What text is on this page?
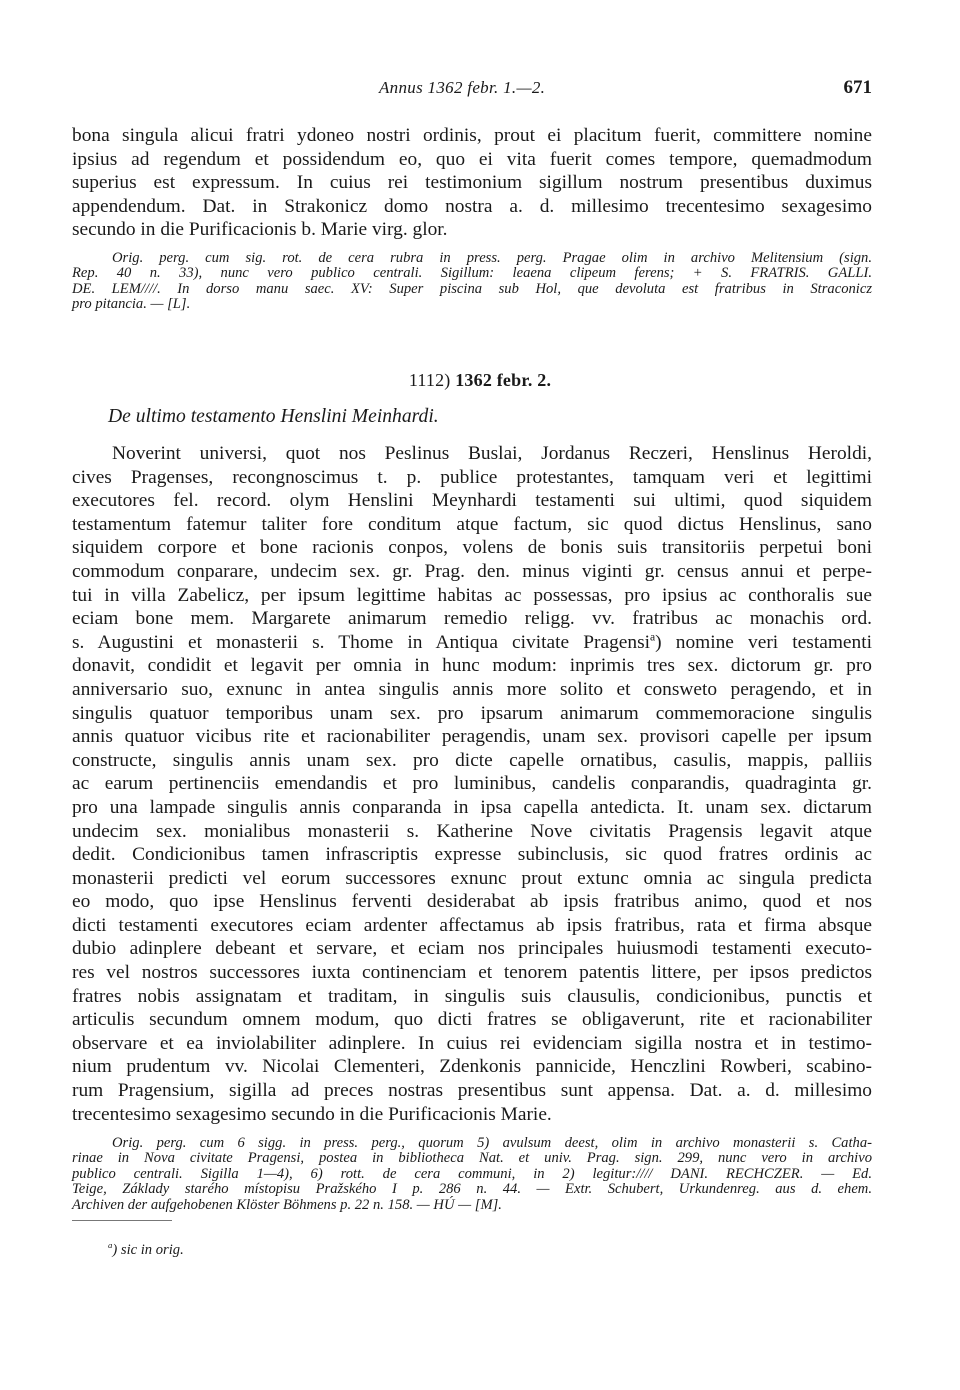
Annus 1362 febr. 1.—2.	671
bona singula alicui fratri ydoneo nostri ordinis, prout ei placitum fuerit, committere nomine
ipsius ad regendum et possidendum eo, quo ei vita fuerit comes tempore, quemadmodum
superius est expressum. In cuius rei testimonium sigillum nostrum presentibus duximus
appendendum. Dat. in Strakonicz domo nostra a. d. millesimo trecentesimo sexagesimo
secundo in die Purificacionis b. Marie virg. glor.
Orig. perg. cum sig. rot. de cera rubra in press. perg. Pragae olim in archivo Melitensium (sign.
Rep. 40 n. 33), nunc vero publico centrali. Sigillum: leaena clipeum ferens; + S. FRATRIS. GALLI.
DE. LEM////. In dorso manu saec. XV: Super piscina sub Hol, que devoluta est fratribus in Straconicz
pro pitancia. — [L].
1112) 1362 febr. 2.
De ultimo testamento Henslini Meinhardi.
Noverint universi, quot nos Peslinus Buslai, Jordanus Reczeri, Henslinus Heroldi,
cives Pragenses, recongnoscimus t. p. publice protestantes, tamquam veri et legittimi
executores fel. record. olym Henslini Meynhardi testamenti sui ultimi, quod siquidem
testamentum fatemur taliter fore conditum atque factum, sic quod dictus Henslinus, sano
siquidem corpore et bone racionis conpos, volens de bonis suis transitoriis perpetui boni
commodum conparare, undecim sex. gr. Prag. den. minus viginti gr. census annui et perpe-
tui in villa Zabelicz, per ipsum legittime habitas ac possessas, pro ipsius ac conthoralis sue
eciam bone mem. Margarete animarum remedio religg. vv. fratribus ac monachis ord.
s. Augustini et monasterii s. Thome in Antiqua civitate Pragensi$^a$) nomine veri testamenti
donavit, condidit et legavit per omnia in hunc modum: inprimis tres sex. dictorum gr. pro
anniversario suo, exnunc in antea singulis annis more solito et consweto peragendo, et in
singulis quatuor temporibus unam sex. pro ipsarum animarum commemoracione singulis
annis quatuor vicibus rite et racionabiliter peragendis, unam sex. provisori capelle per ipsum
constructe, singulis annis unam sex. pro dicte capelle ornatibus, casulis, mappis, palliis
ac earum pertinenciis emendandis et pro luminibus, candelis conparandis, quadraginta gr.
pro una lampade singulis annis conparanda in ipsa capella antedicta. It. unam sex. dictarum
undecim sex. monialibus monasterii s. Katherine Nove civitatis Pragensis legavit atque
dedit. Condicionibus tamen infrascriptis expresse subinclusis, sic quod fratres ordinis ac
monasterii predicti vel eorum successores exnunc prout extunc omnia ac singula predicta
eo modo, quo ipse Henslinus ferventi desiderabat ab ipsis fratribus animo, quod et nos
dicti testamenti executores eciam ardenter affectamus ab ipsis fratribus, rata et firma absque
dubio adinplere debeant et servare, et eciam nos principales huiusmodi testamenti executo-
res vel nostros successores iuxta continenciam et tenorem patentis littere, per ipsos predictos
fratres nobis assignatam et traditam, in singulis suis clausulis, condicionibus, punctis et
articulis secundum omnem modum, quo dicti fratres se obligaverunt, rite et racionabiliter
observare et ea inviolabiliter adinplere. In cuius rei evidenciam sigilla nostra et in testimo-
nium prudentum vv. Nicolai Clementeri, Zdenkonis pannicide, Henczlini Rowberi, scabino-
rum Pragensium, sigilla ad preces nostras presentibus sunt appensa. Dat. a. d. millesimo
trecentesimo sexagesimo secundo in die Purificacionis Marie.
Orig. perg. cum 6 sigg. in press. perg., quorum 5) avulsum deest, olim in archivo monasterii s. Catha-
rinae in Nova civitate Pragensi, postea in bibliotheca Nat. et univ. Prag. sign. 299, nunc vero in archivo
publico centrali. Sigilla 1—4), 6) rott. de cera communi, in 2) legitur://// DANI. RECHCZER. — Ed.
Teige, Základy starého místopisu Pražského I p. 286 n. 44. — Extr. Schubert, Urkundenreg. aus d. ehem.
Archiven der aufgehobenen Klöster Böhmens p. 22 n. 158. — HÚ — [M].
$^a$) sic in orig.
